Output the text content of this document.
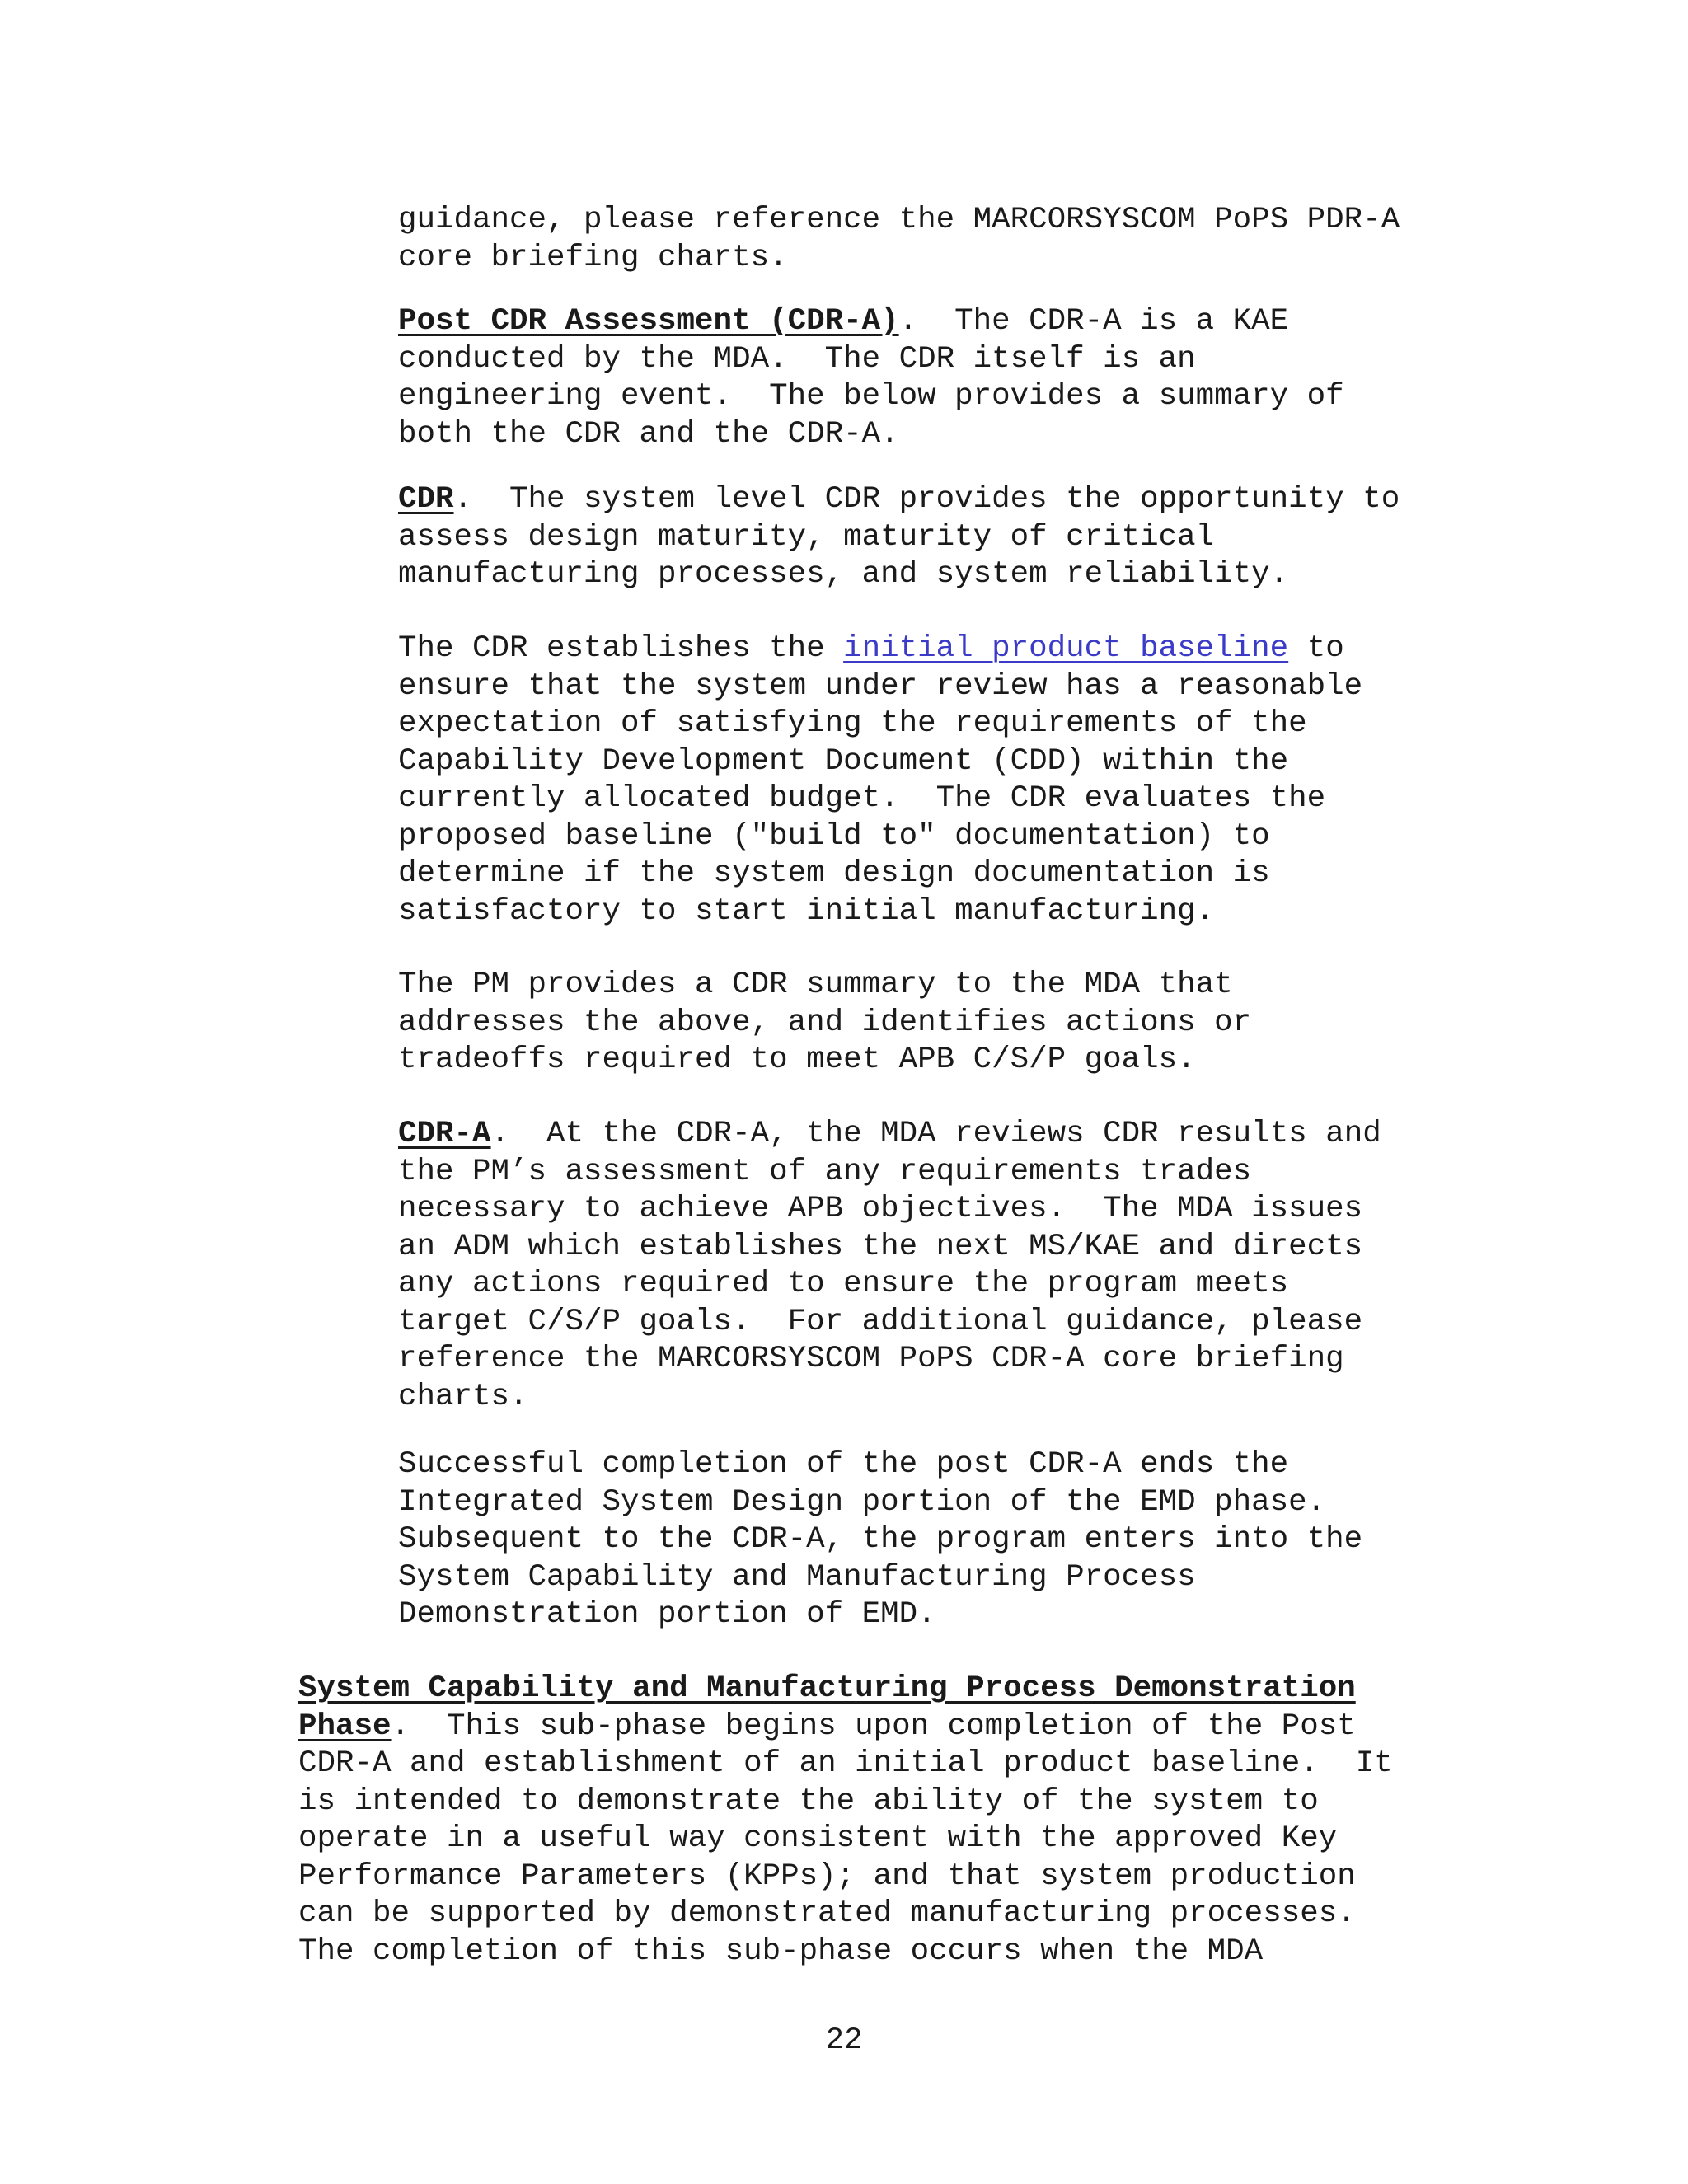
guidance, please reference the MARCORSYSCOM PoPS PDR-A
core briefing charts.
Post CDR Assessment (CDR-A).  The CDR-A is a KAE
conducted by the MDA.  The CDR itself is an
engineering event.  The below provides a summary of
both the CDR and the CDR-A.
CDR.  The system level CDR provides the opportunity to
assess design maturity, maturity of critical
manufacturing processes, and system reliability.
The CDR establishes the initial product baseline to
ensure that the system under review has a reasonable
expectation of satisfying the requirements of the
Capability Development Document (CDD) within the
currently allocated budget.  The CDR evaluates the
proposed baseline ("build to" documentation) to
determine if the system design documentation is
satisfactory to start initial manufacturing.
The PM provides a CDR summary to the MDA that
addresses the above, and identifies actions or
tradeoffs required to meet APB C/S/P goals.
CDR-A.  At the CDR-A, the MDA reviews CDR results and
the PM’s assessment of any requirements trades
necessary to achieve APB objectives.  The MDA issues
an ADM which establishes the next MS/KAE and directs
any actions required to ensure the program meets
target C/S/P goals.  For additional guidance, please
reference the MARCORSYSCOM PoPS CDR-A core briefing
charts.
Successful completion of the post CDR-A ends the
Integrated System Design portion of the EMD phase.
Subsequent to the CDR-A, the program enters into the
System Capability and Manufacturing Process
Demonstration portion of EMD.
System Capability and Manufacturing Process Demonstration
Phase.  This sub-phase begins upon completion of the Post
CDR-A and establishment of an initial product baseline.  It
is intended to demonstrate the ability of the system to
operate in a useful way consistent with the approved Key
Performance Parameters (KPPs); and that system production
can be supported by demonstrated manufacturing processes.
The completion of this sub-phase occurs when the MDA
22
